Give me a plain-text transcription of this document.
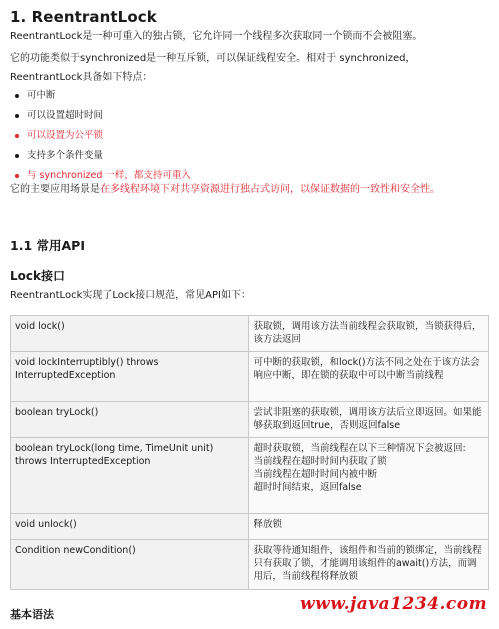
1. ReentrantLock
ReentrantLock是一种可重入的独占锁，它允许同一个线程多次获取同一个锁而不会被阻塞。
它的功能类似于synchronized是一种互斥锁，可以保证线程安全。相对于 synchronized，
ReentrantLock具备如下特点：
可中断
可以设置超时时间
可以设置为公平锁
支持多个条件变量
与 synchronized 一样，都支持可重入
它的主要应用场景是在多线程环境下对共享资源进行独占式访问，以保证数据的一致性和安全性。
1.1 常用API
Lock接口
ReentrantLock实现了Lock接口规范，常见API如下：
void lock()	获取锁，调用该方法当前线程会获取锁，当锁获得后，该方法返回
void lockInterruptibly() throws InterruptedException	可中断的获取锁，和lock()方法不同之处在于该方法会响应中断，即在锁的获取中可以中断当前线程
boolean tryLock()	尝试非阻塞的获取锁，调用该方法后立即返回。如果能够获取到返回true，否则返回false
boolean tryLock(long time, TimeUnit unit) throws InterruptedException	超时获取锁，当前线程在以下三种情况下会被返回:
当前线程在超时时间内获取了锁
当前线程在超时时间内被中断
超时时间结束，返回false
void unlock()	释放锁
Condition newCondition()	获取等待通知组件，该组件和当前的锁绑定，当前线程只有获取了锁，才能调用该组件的await()方法，而调用后，当前线程将释放锁
基本语法
www.java1234.com
